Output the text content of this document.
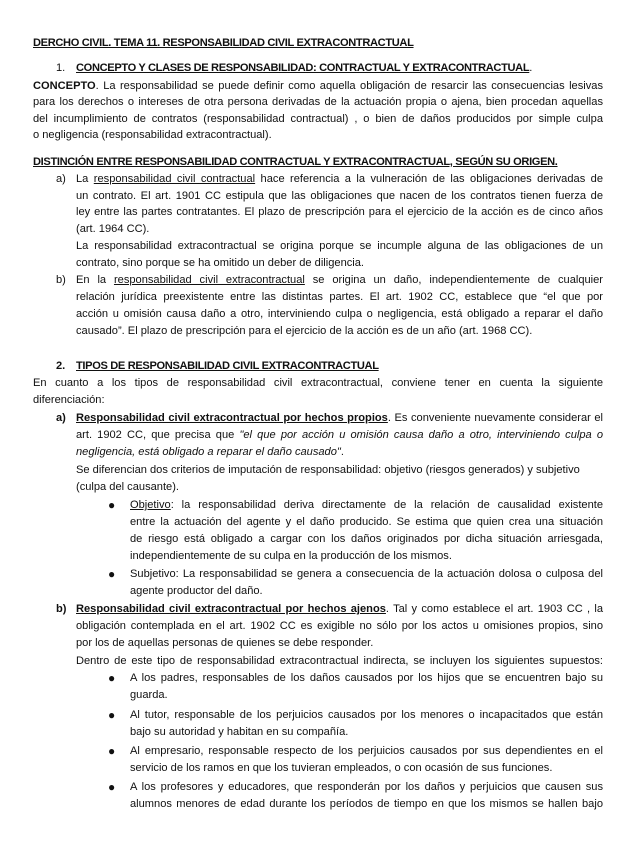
DERCHO CIVIL. TEMA 11. RESPONSABILIDAD CIVIL EXTRACONTRACTUAL
1. CONCEPTO Y CLASES DE RESPONSABILIDAD: CONTRACTUAL Y EXTRACONTRACTUAL.
CONCEPTO. La responsabilidad se puede definir como aquella obligación de resarcir las consecuencias lesivas
para los derechos o intereses de otra persona derivadas de la actuación propia o ajena, bien procedan aquellas
del incumplimiento de contratos (responsabilidad contractual) , o bien de daños producidos por simple culpa
o negligencia (responsabilidad extracontractual).
DISTINCIÓN ENTRE RESPONSABILIDAD CONTRACTUAL Y EXTRACONTRACTUAL, SEGÚN SU ORIGEN.
a) La responsabilidad civil contractual hace referencia a la vulneración de las obligaciones derivadas de
un contrato. El art. 1901 CC estipula que las obligaciones que nacen de los contratos tienen fuerza de
ley entre las partes contratantes. El plazo de prescripción para el ejercicio de la acción es de cinco años
(art. 1964 CC).
La responsabilidad extracontractual se origina porque se incumple alguna de las obligaciones de un
contrato, sino porque se ha omitido un deber de diligencia.
b) En la responsabilidad civil extracontractual se origina un daño, independientemente de cualquier
relación jurídica preexistente entre las distintas partes. El art. 1902 CC, establece que “el que por
acción u omisión causa daño a otro, interviniendo culpa o negligencia, está obligado a reparar el daño
causado”. El plazo de prescripción para el ejercicio de la acción es de un año (art. 1968 CC).
2. TIPOS DE RESPONSABILIDAD CIVIL EXTRACONTRACTUAL
En cuanto a los tipos de responsabilidad civil extracontractual, conviene tener en cuenta la siguiente
diferenciación:
a) Responsabilidad civil extracontractual por hechos propios. Es conveniente nuevamente considerar el
art. 1902 CC, que precisa que "el que por acción u omisión causa daño a otro, interviniendo culpa o
negligencia, está obligado a reparar el daño causado".
Se diferencian dos criterios de imputación de responsabilidad: objetivo (riesgos generados) y subjetivo
(culpa del causante).
● Objetivo: la responsabilidad deriva directamente de la relación de causalidad existente
entre la actuación del agente y el daño producido. Se estima que quien crea una situación
de riesgo está obligado a cargar con los daños originados por dicha situación arriesgada,
independientemente de su culpa en la producción de los mismos.
● Subjetivo: La responsabilidad se genera a consecuencia de la actuación dolosa o culposa del
agente productor del daño.
b) Responsabilidad civil extracontractual por hechos ajenos. Tal y como establece el art. 1903 CC , la
obligación contemplada en el art. 1902 CC es exigible no sólo por los actos u omisiones propios, sino
por los de aquellas personas de quienes se debe responder.
Dentro de este tipo de responsabilidad extracontractual indirecta, se incluyen los siguientes supuestos:
● A los padres, responsables de los daños causados por los hijos que se encuentren bajo su
guarda.
● Al tutor, responsable de los perjuicios causados por los menores o incapacitados que están
bajo su autoridad y habitan en su compañía.
● Al empresario, responsable respecto de los perjuicios causados por sus dependientes en el
servicio de los ramos en que los tuvieran empleados, o con ocasión de sus funciones.
● A los profesores y educadores, que responderán por los daños y perjuicios que causen sus
alumnos menores de edad durante los períodos de tiempo en que los mismos se hallen bajo
